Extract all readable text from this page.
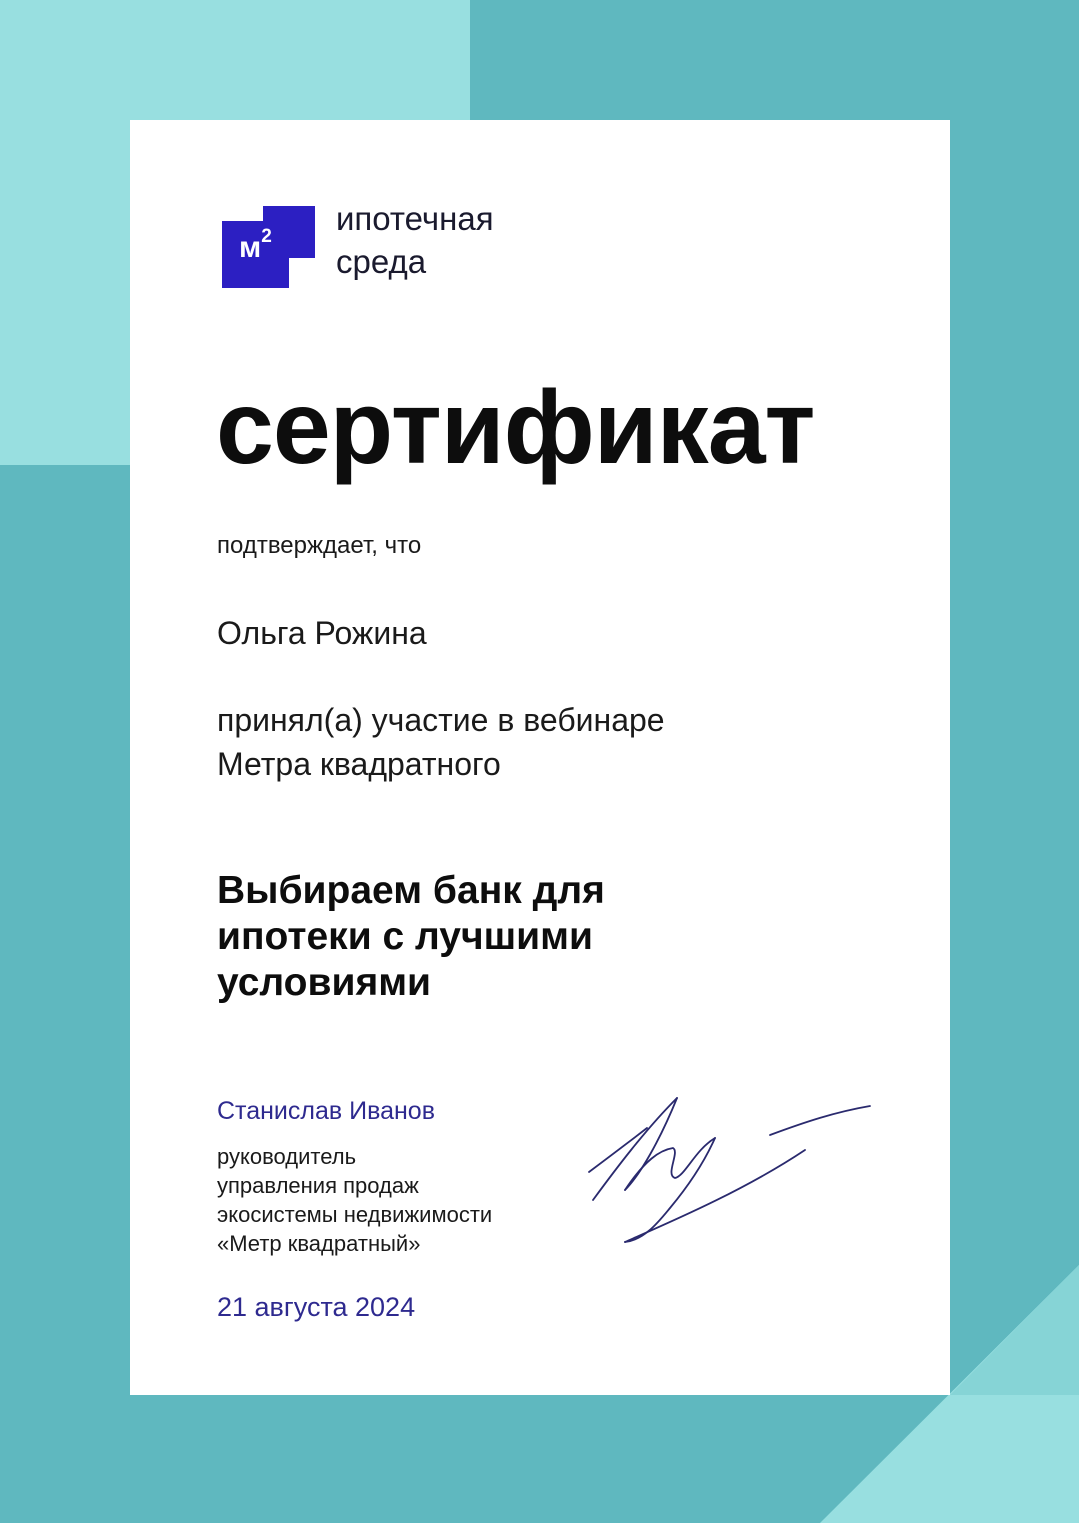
$м^2$ ипотечная
среда
сертификат
подтверждает, что
Ольга Рожина
принял(а) участие в вебинаре
Метра квадратного
Выбираем банк для
ипотеки с лучшими
условиями
Станислав Иванов
руководитель
управления продаж
экосистемы недвижимости
«Метр квадратный»
21 августа 2024
